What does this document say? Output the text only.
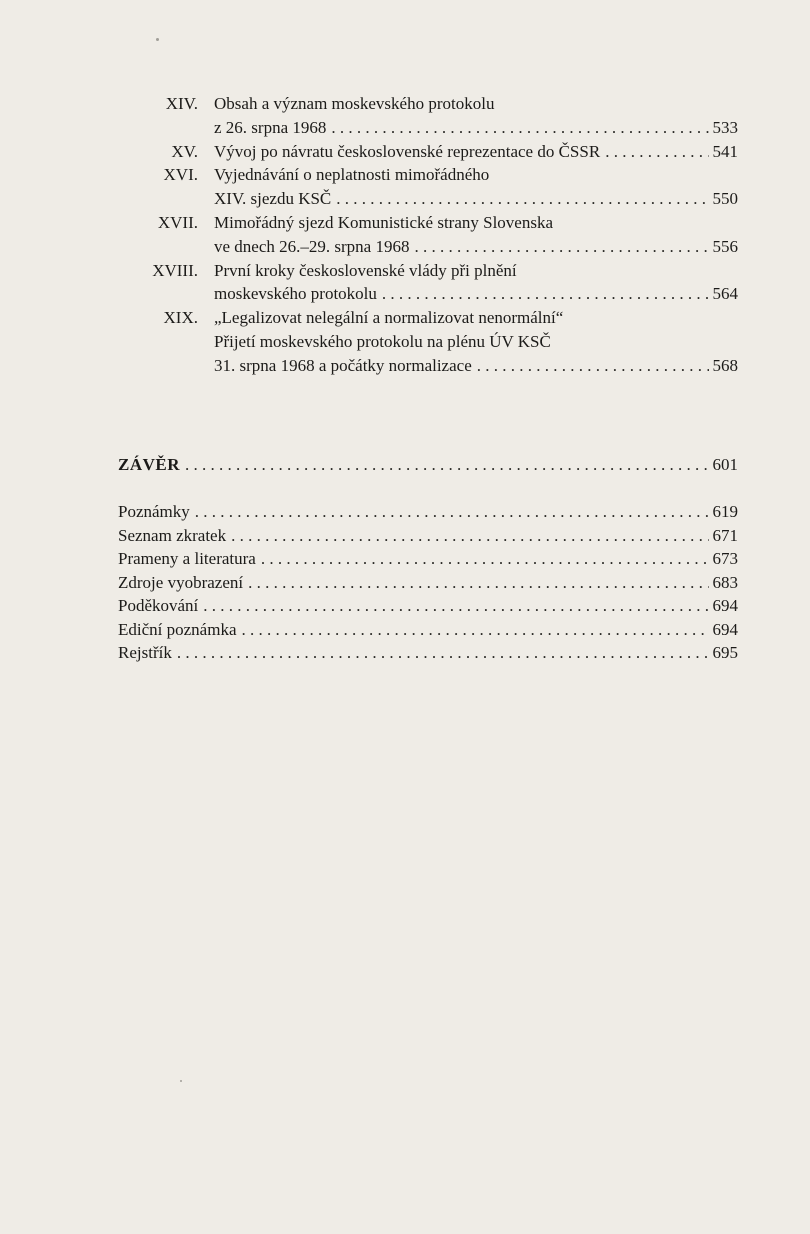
XIV. Obsah a význam moskevského protokolu
z 26. srpna 1968 . . .	533
XV. Vývoj po návratu československé reprezentace do ČSSR . . .	541
XVI. Vyjednávání o neplatnosti mimořádného
XIV. sjezdu KSČ . . .	550
XVII. Mimořádný sjezd Komunistické strany Slovenska
ve dnech 26.–29. srpna 1968 . . .	556
XVIII. První kroky československé vlády při plnění
moskevského protokolu . . .	564
XIX. „Legalizovat nelegální a normalizovat nenormální“
Přijetí moskevského protokolu na plénu ÚV KSČ
31. srpna 1968 a počátky normalizace . . .	568
ZÁVĚR . . .	601
Poznámky . . .	619
Seznam zkratek . . .	671
Prameny a literatura . . .	673
Zdroje vyobrazení . . .	683
Poděkování . . .	694
Ediční poznámka . . .	694
Rejstřík . . .	695
